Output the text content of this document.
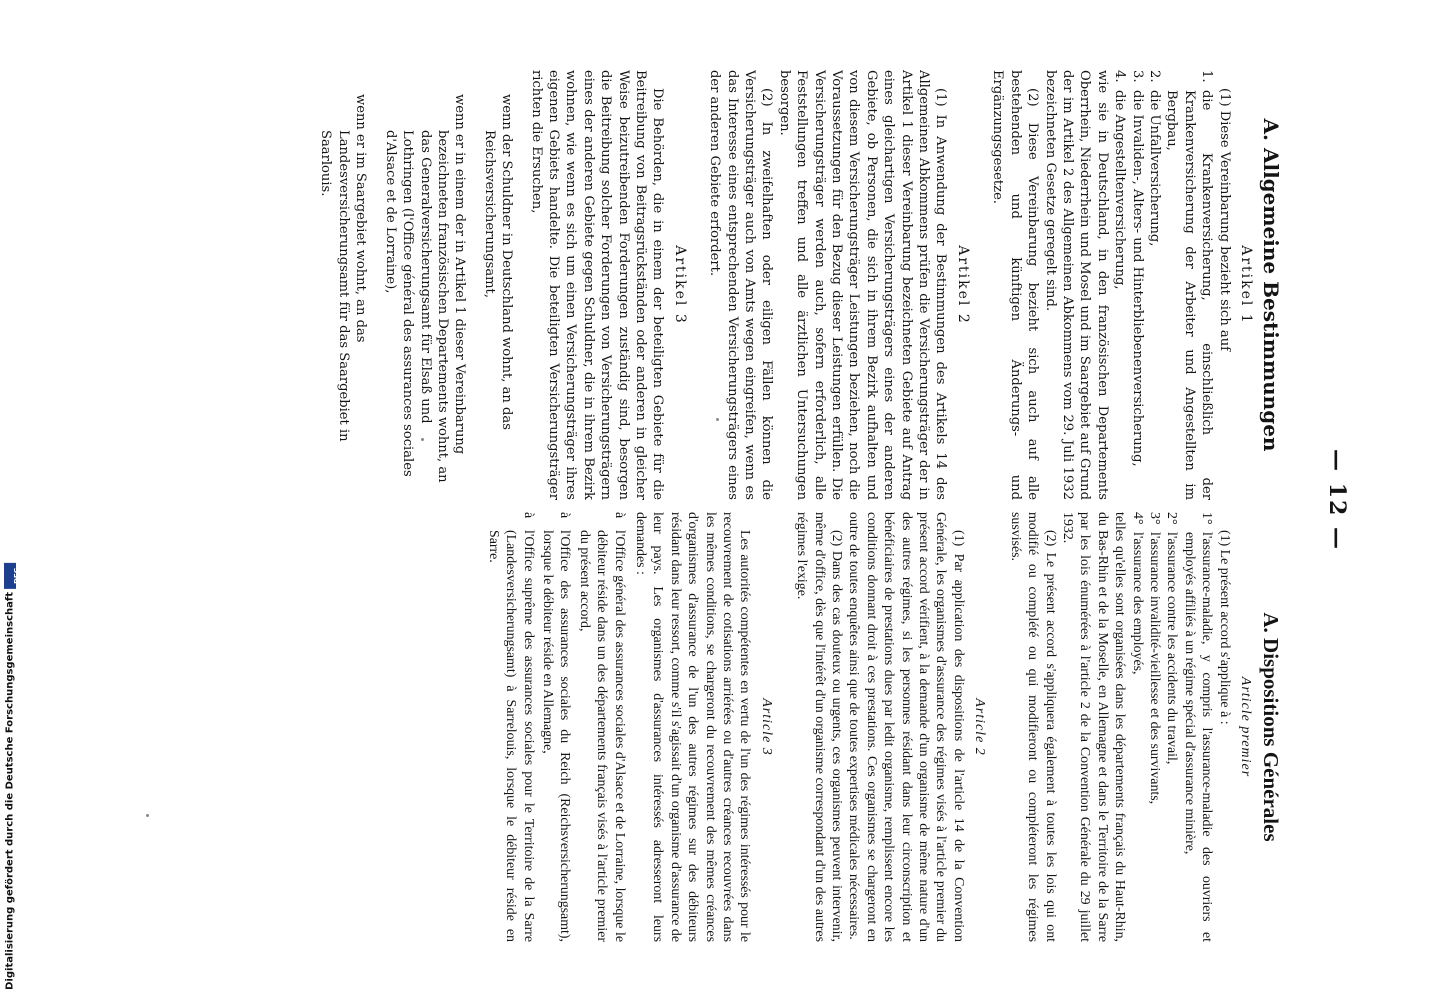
— 12 —
A. Allgemeine Bestimmungen
Artikel 1

(1) Diese Vereinbarung bezieht sich auf

1.
die Krankenversicherung, einschließlich der Krankenversicherung der Arbeiter und Angestellten im Bergbau,
2.
die Unfallversicherung,
3.
die Invaliden-, Alters- und Hinterbliebenenversicherung,
4.
die Angestelltenversicherung,

wie sie in Deutschland, in den französischen Departements Oberrhein, Niederrhein und Mosel und im Saargebiet auf Grund der im Artikel 2 des Allgemeinen Abkommens vom 29. Juli 1932 bezeichneten Gesetze geregelt sind.

(2) Diese Vereinbarung bezieht sich auch auf alle bestehenden und künftigen Änderungs- und Ergänzungsgesetze.

Artikel 2

(1) In Anwendung der Bestimmungen des Artikels 14 des Allgemeinen Abkommens prüfen die Versicherungsträger der in Artikel 1 dieser Vereinbarung bezeichneten Gebiete auf Antrag eines gleichartigen Versicherungsträgers eines der anderen Gebiete, ob Personen, die sich in ihrem Bezirk aufhalten und von diesem Versicherungsträger Leistungen beziehen, noch die Voraussetzungen für den Bezug dieser Leistungen erfüllen. Die Versicherungsträger werden auch, sofern erforderlich, alle Feststellungen treffen und alle ärztlichen Untersuchungen besorgen.

(2) In zweifelhaften oder eiligen Fällen können die Versicherungsträger auch von Amts wegen eingreifen, wenn es das Interesse eines entsprechenden Versicherungsträgers eines der anderen Gebiete erfordert.

Artikel 3

Die Behörden, die in einem der beteiligten Gebiete für die Beitreibung von Beitragsrückständen oder anderen in gleicher Weise beizutreibenden Forderungen zuständig sind, besorgen die Beitreibung solcher Forderungen von Versicherungsträgern eines der anderen Gebiete gegen Schuldner, die in ihrem Bezirk wohnen, wie wenn es sich um einen Versicherungsträger ihres eigenen Gebiets handelte. Die beteiligten Versicherungsträger richten die Ersuchen,

wenn der Schuldner in Deutschland wohnt, an das Reichsversicherungsamt,
wenn er in einem der in Artikel 1 dieser Vereinbarung bezeichneten französischen Departements wohnt, an das Generalversicherungsamt für Elsaß und Lothringen (l'Office général des assurances sociales d'Alsace et de Lorraine),
wenn er im Saargebiet wohnt, an das Landesversicherungsamt für das Saargebiet in Saarlouis.
A. Dispositions Générales
Article premier

(1) Le présent accord s'applique à :

1°
l'assurance-maladie, y compris l'assurance-maladie des ouvriers et employés affiliés à un régime spécial d'assurance minière,
2°
l'assurance contre les accidents du travail,
3°
l'assurance invalidité-vieillesse et des survivants,
4°
l'assurance des employés,

telles qu'elles sont organisées dans les départements français du Haut-Rhin, du Bas-Rhin et de la Moselle, en Allemagne et dans le Territoire de la Sarre par les lois énumérées à l'article 2 de la Convention Générale du 29 juillet 1932.

(2) Le présent accord s'appliquera également à toutes les lois qui ont modifié ou complété ou qui modifieront ou compléteront les régimes susvisés.

Article 2

(1) Par application des dispositions de l'article 14 de la Convention Générale, les organismes d'assurance des régimes visés à l'article premier du présent accord vérifient, à la demande d'un organisme de même nature d'un des autres régimes, si les personnes résidant dans leur circonscription et bénéficiaires de prestations dues par ledit organisme, remplissent encore les conditions donnant droit à ces prestations. Ces organismes se chargeront en outre de toutes enquêtes ainsi que de toutes expertises médicales nécessaires.

(2) Dans des cas douteux ou urgents, ces organismes peuvent intervenir, même d'office, dès que l'intérêt d'un organisme correspondant d'un des autres régimes l'exige.

Article 3

Les autorités compétentes en vertu de l'un des régimes intéressés pour le recouvrement de cotisations arriérées ou d'autres créances recouvrées dans les mêmes conditions, se chargeront du recouvrement des mêmes créances d'organismes d'assurance de l'un des autres régimes sur des débiteurs résidant dans leur ressort, comme s'il s'agissait d'un organisme d'assurance de leur pays. Les organismes d'assurances intéressés adresseront leurs demandes :

à
l'Office général des assurances sociales d'Alsace et de Lorraine, lorsque le débiteur réside dans un des départements français visés à l'article premier du présent accord,
à
l'Office des assurances sociales du Reich (Reichsversicherungsamt), lorsque le débiteur réside en Allemagne,
à
l'Office suprême des assurances sociales pour le Territoire de la Sarre (Landesversicherungsamt) à Sarrelouis, lorsque le débiteur réside en Sarre.
Digitalisierung gefördert durch die Deutsche Forschungsgemeinschaft
DFG
